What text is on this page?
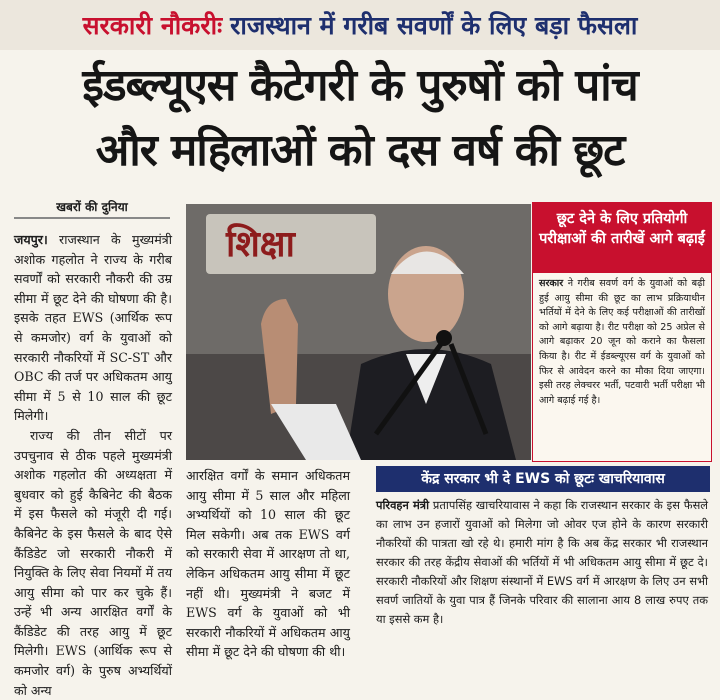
सरकारी नौकरीः राजस्थान में गरीब सवर्णों के लिए बड़ा फैसला
ईडब्ल्यूएस कैटेगरी के पुरुषों को पांच
और महिलाओं को दस वर्ष की छूट
खबरों की दुनिया

जयपुर। राजस्थान के मुख्यमंत्री अशोक गहलोत ने राज्य के गरीब सवर्णों को सरकारी नौकरी की उम्र सीमा में छूट देने की घोषणा की है। इसके तहत EWS (आर्थिक रूप से कमजोर) वर्ग के युवाओं को सरकारी नौकरियों में SC-ST और OBC की तर्ज पर अधिकतम आयु सीमा में 5 से 10 साल की छूट मिलेगी।

राज्य की तीन सीटों पर उपचुनाव से ठीक पहले मुख्यमंत्री अशोक गहलोत की अध्यक्षता में बुधवार को हुई कैबिनेट की बैठक में इस फैसले को मंजूरी दी गई। कैबिनेट के इस फैसले के बाद ऐसे कैंडिडेट जो सरकारी नौकरी में नियुक्ति के लिए सेवा नियमों में तय आयु सीमा को पार कर चुके हैं। उन्हें भी अन्य आरक्षित वर्गों के कैंडिडेट की तरह आयु में छूट मिलेगी। EWS (आर्थिक रूप से कमजोर वर्ग) के पुरुष अभ्यर्थियों को अन्य

शिक्षा
छूट देने के लिए प्रतियोगी परीक्षाओं की तारीखें आगे बढ़ाईं
सरकार ने गरीब सवर्ण वर्ग के युवाओं को बढ़ी हुई आयु सीमा की छूट का लाभ प्रक्रियाधीन भर्तियों में देने के लिए कई परीक्षाओं की तारीखों को आगे बढ़ाया है। रीट परीक्षा को 25 अप्रेल से आगे बढ़ाकर 20 जून को कराने का फैसला किया है। रीट में ईडब्ल्यूएस वर्ग के युवाओं को फिर से आवेदन करने का मौका दिया जाएगा। इसी तरह लेक्चरर भर्ती, पटवारी भर्ती परीक्षा भी आगे बढ़ाई गई है।

आरक्षित वर्गों के समान अधिकतम आयु सीमा में 5 साल और महिला अभ्यर्थियों को 10 साल की छूट मिल सकेगी। अब तक EWS वर्ग को सरकारी सेवा में आरक्षण तो था, लेकिन अधिकतम आयु सीमा में छूट नहीं थी। मुख्यमंत्री ने बजट में EWS वर्ग के युवाओं को भी सरकारी नौकरियों में अधिकतम आयु सीमा में छूट देने की घोषणा की थी।

केंद्र सरकार भी दे EWS को छूटः खाचरियावास
परिवहन मंत्री प्रतापसिंह खाचरियावास ने कहा कि राजस्थान सरकार के इस फैसले का लाभ उन हजारों युवाओं को मिलेगा जो ओवर एज होने के कारण सरकारी नौकरियों की पात्रता खो रहे थे। हमारी मांग है कि अब केंद्र सरकार भी राजस्थान सरकार की तरह केंद्रीय सेवाओं की भर्तियों में भी अधिकतम आयु सीमा में छूट दे। सरकारी नौकरियों और शिक्षण संस्थानों में EWS वर्ग में आरक्षण के लिए उन सभी सवर्ण जातियों के युवा पात्र हैं जिनके परिवार की सालाना आय 8 लाख रुपए तक या इससे कम है।
